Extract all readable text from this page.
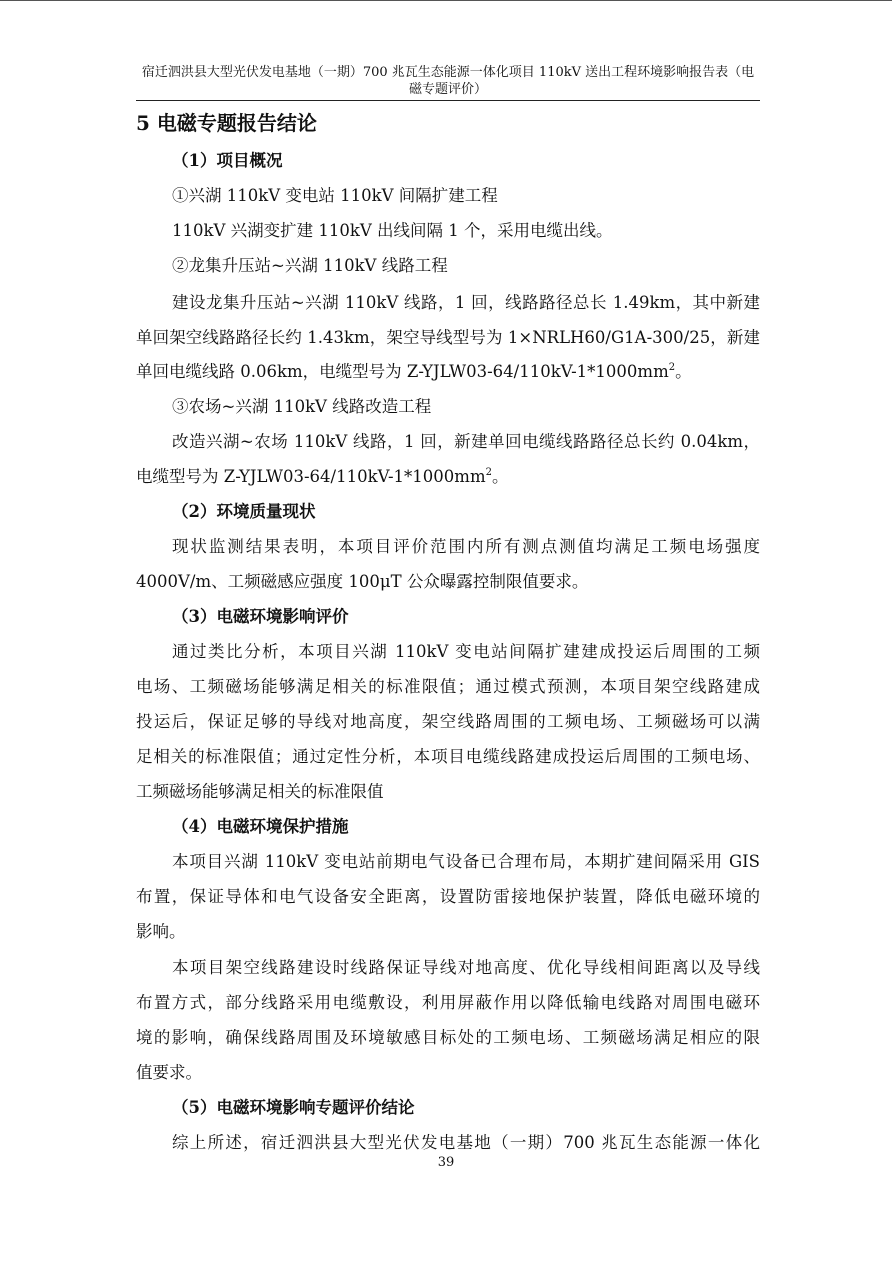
宿迁泗洪县大型光伏发电基地（一期）700 兆瓦生态能源一体化项目 110kV 送出工程环境影响报告表（电
磁专题评价）
5 电磁专题报告结论
（1）项目概况
①兴湖 110kV 变电站 110kV 间隔扩建工程
110kV 兴湖变扩建 110kV 出线间隔 1 个，采用电缆出线。
②龙集升压站~兴湖 110kV 线路工程
建设龙集升压站~兴湖 110kV 线路，1 回，线路路径总长 1.49km，其中新建
单回架空线路路径长约 1.43km，架空导线型号为 1×NRLH60/G1A-300/25，新建
单回电缆线路 0.06km，电缆型号为 $Z-YJLW03-64/110kV-1*1000mm^2$。
③农场~兴湖 110kV 线路改造工程
改造兴湖~农场 110kV 线路，1 回，新建单回电缆线路路径总长约 0.04km，
电缆型号为 $Z-YJLW03-64/110kV-1*1000mm^2$。
（2）环境质量现状
现状监测结果表明，本项目评价范围内所有测点测值均满足工频电场强度
4000V/m、工频磁感应强度 100μT 公众曝露控制限值要求。
（3）电磁环境影响评价
通过类比分析，本项目兴湖 110kV 变电站间隔扩建建成投运后周围的工频
电场、工频磁场能够满足相关的标准限值；通过模式预测，本项目架空线路建成
投运后，保证足够的导线对地高度，架空线路周围的工频电场、工频磁场可以满
足相关的标准限值；通过定性分析，本项目电缆线路建成投运后周围的工频电场、
工频磁场能够满足相关的标准限值
（4）电磁环境保护措施
本项目兴湖 110kV 变电站前期电气设备已合理布局，本期扩建间隔采用 GIS
布置，保证导体和电气设备安全距离，设置防雷接地保护装置，降低电磁环境的
影响。
本项目架空线路建设时线路保证导线对地高度、优化导线相间距离以及导线
布置方式，部分线路采用电缆敷设，利用屏蔽作用以降低输电线路对周围电磁环
境的影响，确保线路周围及环境敏感目标处的工频电场、工频磁场满足相应的限
值要求。
（5）电磁环境影响专题评价结论
综上所述，宿迁泗洪县大型光伏发电基地（一期）700 兆瓦生态能源一体化
39
